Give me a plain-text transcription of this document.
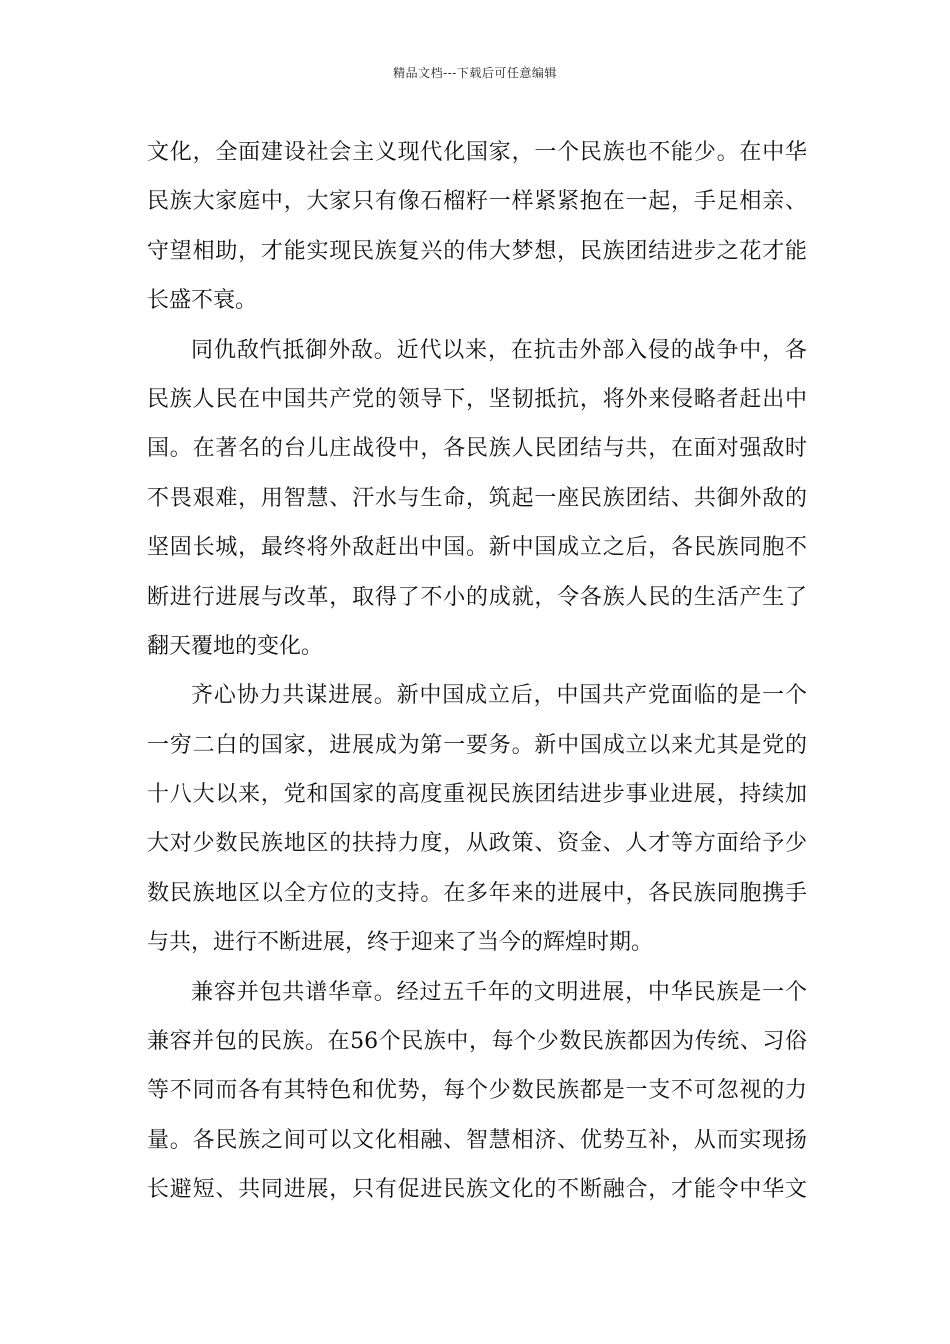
精品文档---下载后可任意编辑
文化，全面建设社会主义现代化国家，一个民族也不能少。在中华
民族大家庭中，大家只有像石榴籽一样紧紧抱在一起，手足相亲、
守望相助，才能实现民族复兴的伟大梦想，民族团结进步之花才能
长盛不衰。
同仇敌忾抵御外敌。近代以来，在抗击外部入侵的战争中，各
民族人民在中国共产党的领导下，坚韧抵抗，将外来侵略者赶出中
国。在著名的台儿庄战役中，各民族人民团结与共，在面对强敌时
不畏艰难，用智慧、汗水与生命，筑起一座民族团结、共御外敌的
坚固长城，最终将外敌赶出中国。新中国成立之后，各民族同胞不
断进行进展与改革，取得了不小的成就，令各族人民的生活产生了
翻天覆地的变化。
齐心协力共谋进展。新中国成立后，中国共产党面临的是一个
一穷二白的国家，进展成为第一要务。新中国成立以来尤其是党的
十八大以来，党和国家的高度重视民族团结进步事业进展，持续加
大对少数民族地区的扶持力度，从政策、资金、人才等方面给予少
数民族地区以全方位的支持。在多年来的进展中，各民族同胞携手
与共，进行不断进展，终于迎来了当今的辉煌时期。
兼容并包共谱华章。经过五千年的文明进展，中华民族是一个
兼容并包的民族。在56个民族中，每个少数民族都因为传统、习俗
等不同而各有其特色和优势，每个少数民族都是一支不可忽视的力
量。各民族之间可以文化相融、智慧相济、优势互补，从而实现扬
长避短、共同进展，只有促进民族文化的不断融合，才能令中华文
